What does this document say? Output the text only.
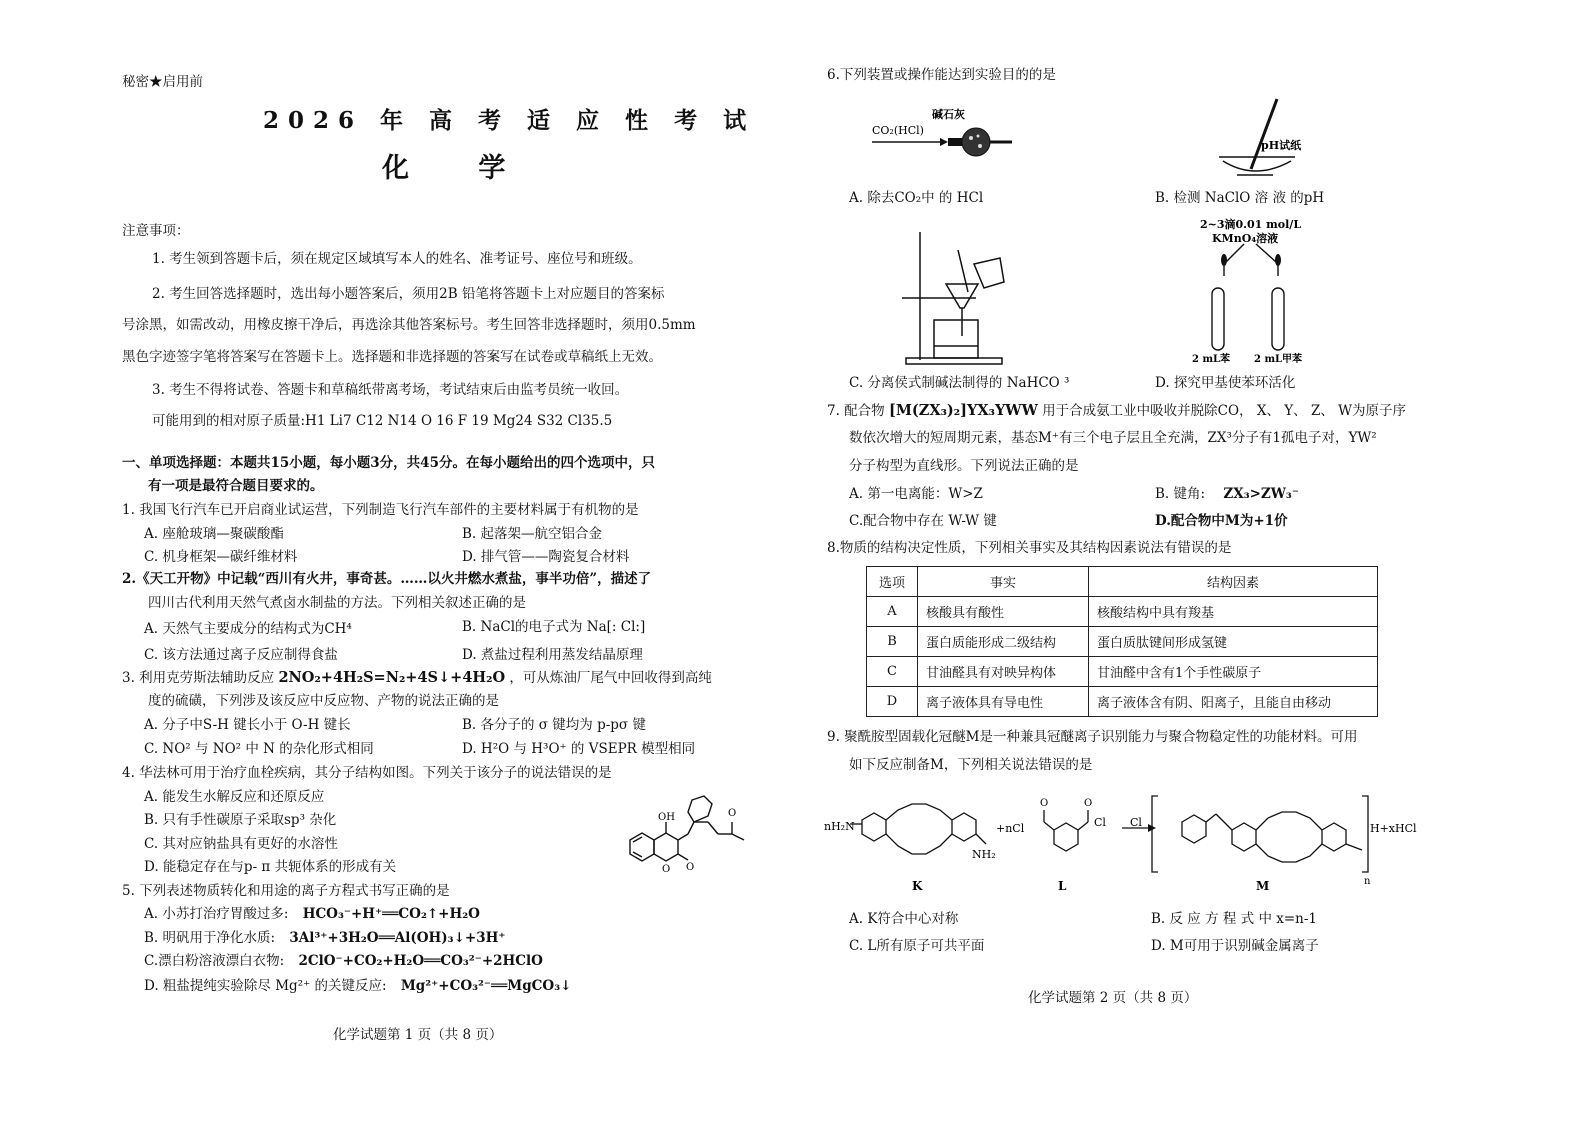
秘密★启用前
2026 年 高 考 适 应 性 考 试
化 学
注意事项：
1. 考生领到答题卡后，须在规定区域填写本人的姓名、准考证号、座位号和班级。
2. 考生回答选择题时，选出每小题答案后，须用2B 铅笔将答题卡上对应题目的答案标
号涂黑，如需改动，用橡皮擦干净后，再选涂其他答案标号。考生回答非选择题时，须用0.5mm
黑色字迹签字笔将答案写在答题卡上。选择题和非选择题的答案写在试卷或草稿纸上无效。
3. 考生不得将试卷、答题卡和草稿纸带离考场，考试结束后由监考员统一收回。
可能用到的相对原子质量:H1 Li7 C12 N14 O 16 F 19 Mg24 S32 Cl35.5
一、单项选择题：本题共15小题，每小题3分，共45分。在每小题给出的四个选项中，只
有一项是最符合题目要求的。
1. 我国飞行汽车已开启商业试运营，下列制造飞行汽车部件的主要材料属于有机物的是
A. 座舱玻璃—聚碳酸酯	B. 起落架—航空铝合金
C. 机身框架—碳纤维材料	D. 排气管——陶瓷复合材料
2.《天工开物》中记载“西川有火井，事奇甚。……以火井燃水煮盐，事半功倍”，描述了
四川古代利用天然气煮卤水制盐的方法。下列相关叙述正确的是
A. 天然气主要成分的结构式为CH⁴	B. NaCl的电子式为 Na[: Cl:]
C. 该方法通过离子反应制得食盐	D. 煮盐过程利用蒸发结晶原理
3. 利用克劳斯法辅助反应 2NO₂+4H₂S=N₂+4S↓+4H₂O ，可从炼油厂尾气中回收得到高纯
度的硫磺，下列涉及该反应中反应物、产物的说法正确的是
A. 分子中S-H 键长小于 O-H 键长	B. 各分子的 σ 键均为 p-pσ 键
C. NO² 与 NO² 中 N 的杂化形式相同	D. H²O 与 H³O⁺ 的 VSEPR 模型相同
4. 华法林可用于治疗血栓疾病，其分子结构如图。下列关于该分子的说法错误的是
A. 能发生水解反应和还原反应
B. 只有手性碳原子采取sp³ 杂化
C. 其对应钠盐具有更好的水溶性
D. 能稳定存在与p- π 共轭体系的形成有关
OH
O
O
O
5. 下列表述物质转化和用途的离子方程式书写正确的是
A. 小苏打治疗胃酸过多: HCO₃⁻+H⁺══CO₂↑+H₂O
B. 明矾用于净化水质: 3Al³⁺+3H₂O══Al(OH)₃↓+3H⁺
C.漂白粉溶液漂白衣物: 2ClO⁻+CO₂+H₂O══CO₃²⁻+2HClO
D. 粗盐提纯实验除尽 Mg²⁺ 的关键反应: Mg²⁺+CO₃²⁻══MgCO₃↓
化学试题第 1 页（共 8 页）
6.下列装置或操作能达到实验目的的是
CO₂(HCl)
碱石灰
A. 除去CO₂中 的 HCl
pH试纸
B. 检测 NaClO 溶 液 的pH
C. 分离侯式制碱法制得的 NaHCO ³
2~3滴0.01 mol/L
KMnO₄溶液
2 mL苯 2 mL甲苯
D. 探究甲基使苯环活化
7. 配合物 [M(ZX₃)₂]YX₃YWW 用于合成氨工业中吸收并脱除CO， X、 Y、 Z、 W为原子序
数依次增大的短周期元素，基态M⁺有三个电子层且全充满，ZX³分子有1孤电子对，YW²
分子构型为直线形。下列说法正确的是
A. 第一电离能：W>Z	B. 键角: ZX₃>ZW₃⁻
C.配合物中存在 W-W 键	D.配合物中M为+1价
8.物质的结构决定性质，下列相关事实及其结构因素说法有错误的是
选项	事实	结构因素
A	核酸具有酸性	核酸结构中具有羧基
B	蛋白质能形成二级结构	蛋白质肽键间形成氢键
C	甘油醛具有对映异构体	甘油醛中含有1个手性碳原子
D	离子液体具有导电性	离子液体含有阴、阳离子，且能自由移动
9. 聚酰胺型固载化冠醚M是一种兼具冠醚离子识别能力与聚合物稳定性的功能材料。可用
如下反应制备M，下列相关说法错误的是
nH₂N
NH₂
+nCl
O	O
Cl Cl	H+xHCl
n
K	L	M
A. K符合中心对称	B. 反 应 方 程 式 中 x=n-1
C. L所有原子可共平面	D. M可用于识别碱金属离子
化学试题第 2 页（共 8 页）
